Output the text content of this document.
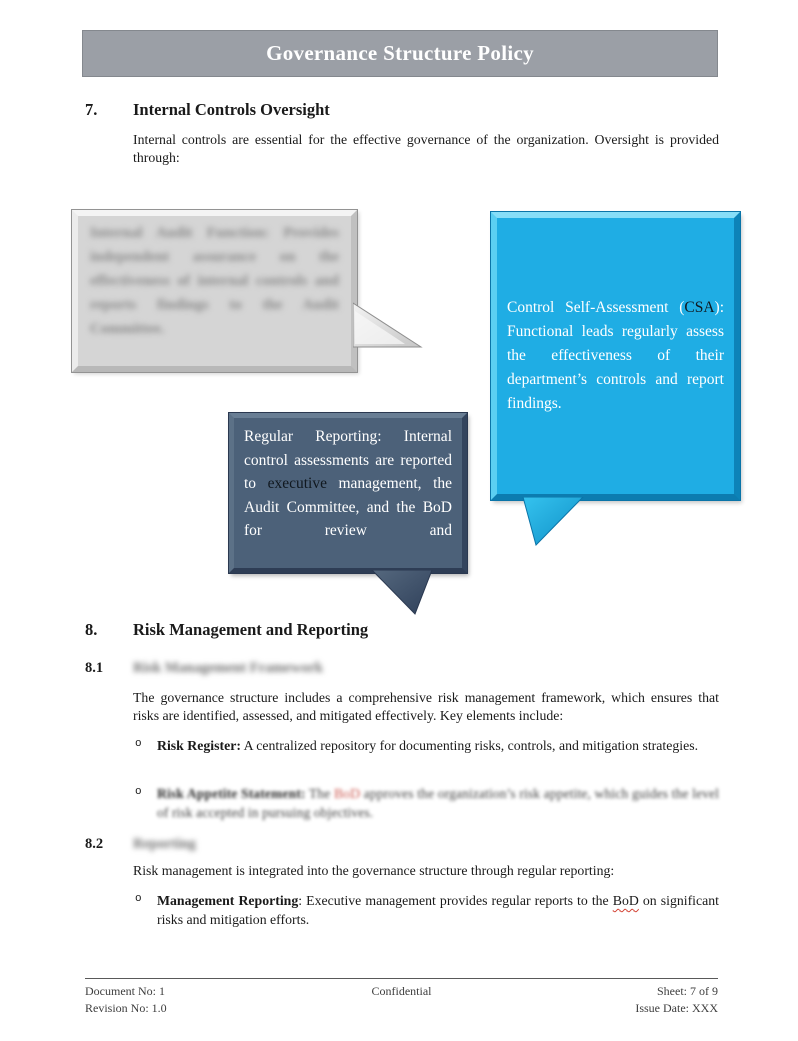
Governance Structure Policy
7. Internal Controls Oversight

Internal controls are essential for the effective governance of the organization. Oversight is provided through:

Internal Audit Function: Provides independent assurance on the effectiveness of internal controls and reports findings to the Audit Committee.
Control Self-Assessment (CSA): Functional leads regularly assess the effectiveness of their department’s controls and report findings.
Regular Reporting: Internal control assessments are reported to executive management, the Audit Committee, and the BoD for review and
8. Risk Management and Reporting
8.1 Risk Management Framework

The governance structure includes a comprehensive risk management framework, which ensures that risks are identified, assessed, and mitigated effectively. Key elements include:

o Risk Register: A centralized repository for documenting risks, controls, and mitigation strategies.
o Risk Appetite Statement: The BoD approves the organization’s risk appetite, which guides the level of risk accepted in pursuing objectives.
8.2 Reporting

Risk management is integrated into the governance structure through regular reporting:

o Management Reporting: Executive management provides regular reports to the BoD on significant risks and mitigation efforts.
Document No: 1
Revision No: 1.0
Confidential	Sheet: 7 of 9
Issue Date: XXX
